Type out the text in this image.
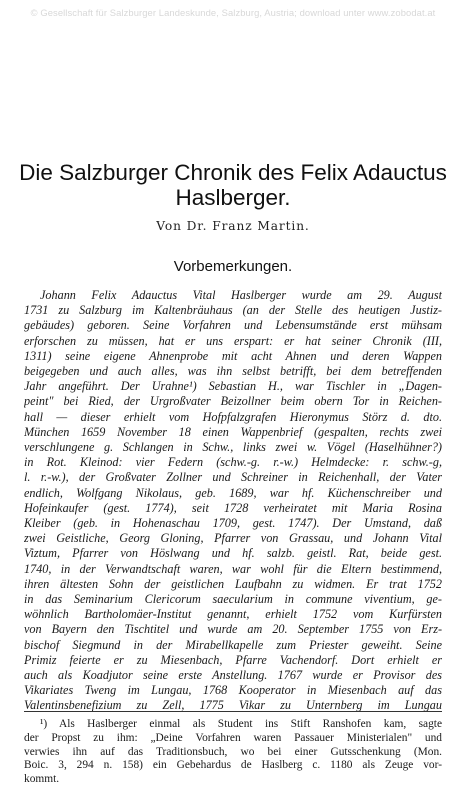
© Gesellschaft für Salzburger Landeskunde, Salzburg, Austria; download unter www.zobodat.at
Die Salzburger Chronik des Felix Adauctus
Haslberger.
Von Dr. Franz Martin.
Vorbemerkungen.
Johann Felix Adauctus Vital Haslberger wurde am 29. August
1731 zu Salzburg im Kaltenbräuhaus (an der Stelle des heutigen Justiz-
gebäudes) geboren. Seine Vorfahren und Lebensumstände erst mühsam
erforschen zu müssen, hat er uns erspart: er hat seiner Chronik (III,
1311) seine eigene Ahnenprobe mit acht Ahnen und deren Wappen
beigegeben und auch alles, was ihn selbst betrifft, bei dem betreffenden
Jahr angeführt. Der Urahne¹) Sebastian H., war Tischler in „Dagen-
peint" bei Ried, der Urgroßvater Beizollner beim obern Tor in Reichen-
hall — dieser erhielt vom Hofpfalzgrafen Hieronymus Störz d. dto.
München 1659 November 18 einen Wappenbrief (gespalten, rechts zwei
verschlungene g. Schlangen in Schw., links zwei w. Vögel (Haselhühner?)
in Rot. Kleinod: vier Federn (schw.-g. r.-w.) Helmdecke: r. schw.-g,
l. r.-w.), der Großvater Zollner und Schreiner in Reichenhall, der Vater
endlich, Wolfgang Nikolaus, geb. 1689, war hf. Küchenschreiber und
Hofeinkaufer (gest. 1774), seit 1728 verheiratet mit Maria Rosina
Kleiber (geb. in Hohenaschau 1709, gest. 1747). Der Umstand, daß
zwei Geistliche, Georg Gloning, Pfarrer von Grassau, und Johann Vital
Viztum, Pfarrer von Höslwang und hf. salzb. geistl. Rat, beide gest.
1740, in der Verwandtschaft waren, war wohl für die Eltern bestimmend,
ihren ältesten Sohn der geistlichen Laufbahn zu widmen. Er trat 1752
in das Seminarium Clericorum saecularium in commune viventium, ge-
wöhnlich Bartholomäer-Institut genannt, erhielt 1752 vom Kurfürsten
von Bayern den Tischtitel und wurde am 20. September 1755 von Erz-
bischof Siegmund in der Mirabellkapelle zum Priester geweiht. Seine
Primiz feierte er zu Miesenbach, Pfarre Vachendorf. Dort erhielt er
auch als Koadjutor seine erste Anstellung. 1767 wurde er Provisor des
Vikariates Tweng im Lungau, 1768 Kooperator in Miesenbach auf das
Valentinsbenefizium zu Zell, 1775 Vikar zu Unternberg im Lungau
¹) Als Haslberger einmal als Student ins Stift Ranshofen kam, sagte
der Propst zu ihm: „Deine Vorfahren waren Passauer Ministerialen" und
verwies ihn auf das Traditionsbuch, wo bei einer Gutsschenkung (Mon.
Boic. 3, 294 n. 158) ein Gebehardus de Haslberg c. 1180 als Zeuge vor-
kommt.
